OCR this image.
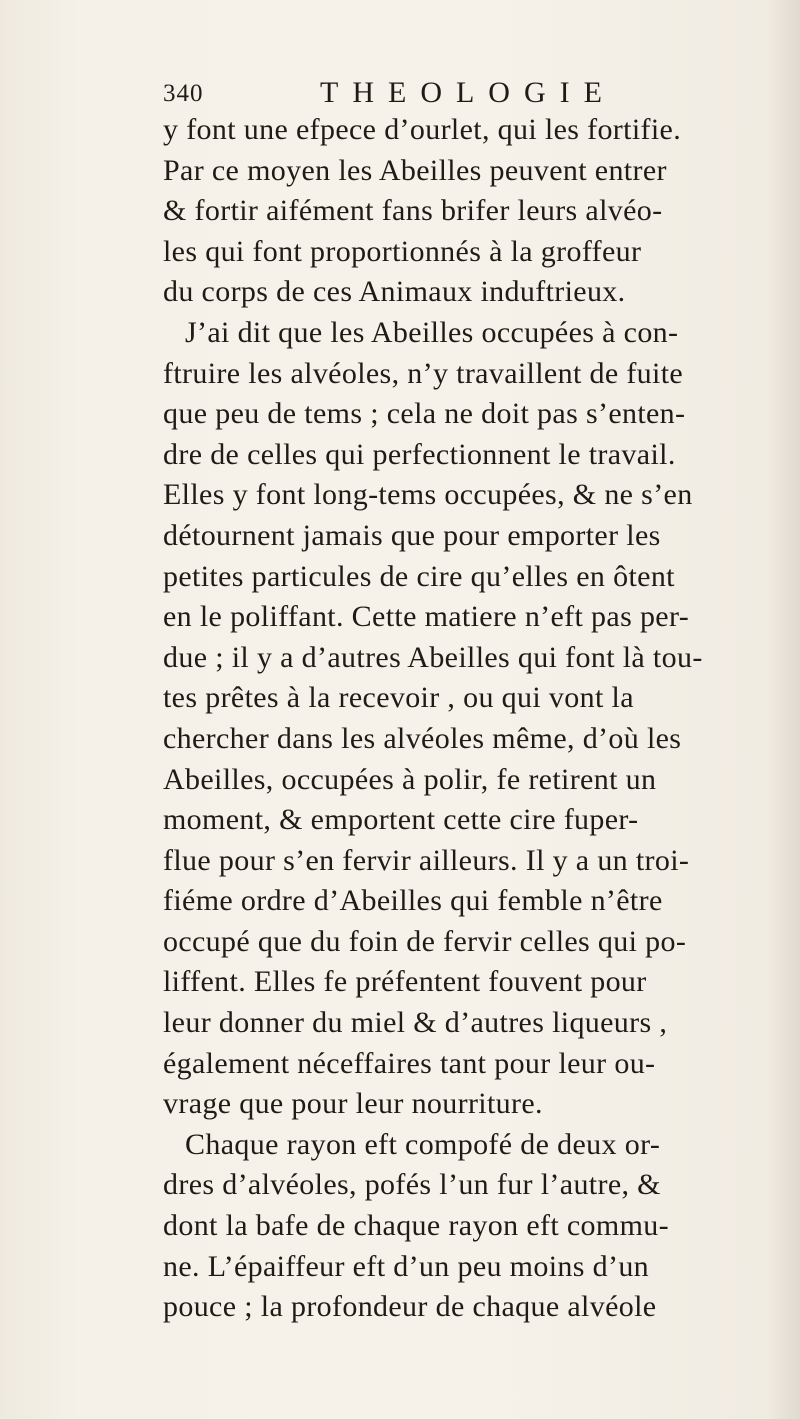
340	THEOLOGIE
y font une efpece d’ourlet, qui les fortifie.
Par ce moyen les Abeilles peuvent entrer
& fortir aifément fans brifer leurs alvéo-
les qui font proportionnés à la groffeur
du corps de ces Animaux induftrieux.
J’ai dit que les Abeilles occupées à con-
ftruire les alvéoles, n’y travaillent de fuite
que peu de tems ; cela ne doit pas s’enten-
dre de celles qui perfectionnent le travail.
Elles y font long-tems occupées, & ne s’en
détournent jamais que pour emporter les
petites particules de cire qu’elles en ôtent
en le poliffant. Cette matiere n’eft pas per-
due ; il y a d’autres Abeilles qui font là tou-
tes prêtes à la recevoir , ou qui vont la
chercher dans les alvéoles même, d’où les
Abeilles, occupées à polir, fe retirent un
moment, & emportent cette cire fuper-
flue pour s’en fervir ailleurs. Il y a un troi-
fiéme ordre d’Abeilles qui femble n’être
occupé que du foin de fervir celles qui po-
liffent. Elles fe préfentent fouvent pour
leur donner du miel & d’autres liqueurs ,
également néceffaires tant pour leur ou-
vrage que pour leur nourriture.
Chaque rayon eft compofé de deux or-
dres d’alvéoles, pofés l’un fur l’autre, &
dont la bafe de chaque rayon eft commu-
ne. L’épaiffeur eft d’un peu moins d’un
pouce ; la profondeur de chaque alvéole
